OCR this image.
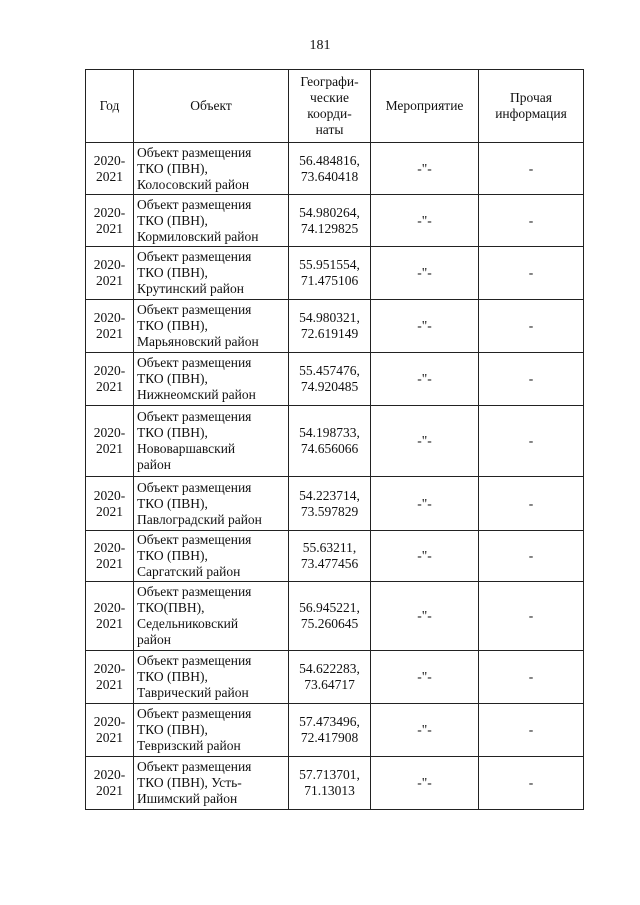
181
Год	Объект	Географи-
ческие
коорди-
наты	Мероприятие	Прочая
информация

2020-
2021	Объект размещения
ТКО (ПВН),
Колосовский район	56.484816,
73.640418	-"-	-

2020-
2021	Объект размещения
ТКО (ПВН),
Кормиловский район	54.980264,
74.129825	-"-	-

2020-
2021	Объект размещения
ТКО (ПВН),
Крутинский район	55.951554,
71.475106	-"-	-

2020-
2021	Объект размещения
ТКО (ПВН),
Марьяновский район	54.980321,
72.619149	-"-	-

2020-
2021	Объект размещения
ТКО (ПВН),
Нижнеомский район	55.457476,
74.920485	-"-	-

2020-
2021	Объект размещения
ТКО (ПВН),
Нововаршавский
район	54.198733,
74.656066	-"-	-

2020-
2021	Объект размещения
ТКО (ПВН),
Павлоградский район	54.223714,
73.597829	-"-	-

2020-
2021	Объект размещения
ТКО (ПВН),
Саргатский район	55.63211,
73.477456	-"-	-

2020-
2021	Объект размещения
ТКО(ПВН),
Седельниковский
район	56.945221,
75.260645	-"-	-

2020-
2021	Объект размещения
ТКО (ПВН),
Таврический район	54.622283,
73.64717	-"-	-

2020-
2021	Объект размещения
ТКО (ПВН),
Тевризский район	57.473496,
72.417908	-"-	-

2020-
2021	Объект размещения
ТКО (ПВН), Усть-
Ишимский район	57.713701,
71.13013	-"-	-
